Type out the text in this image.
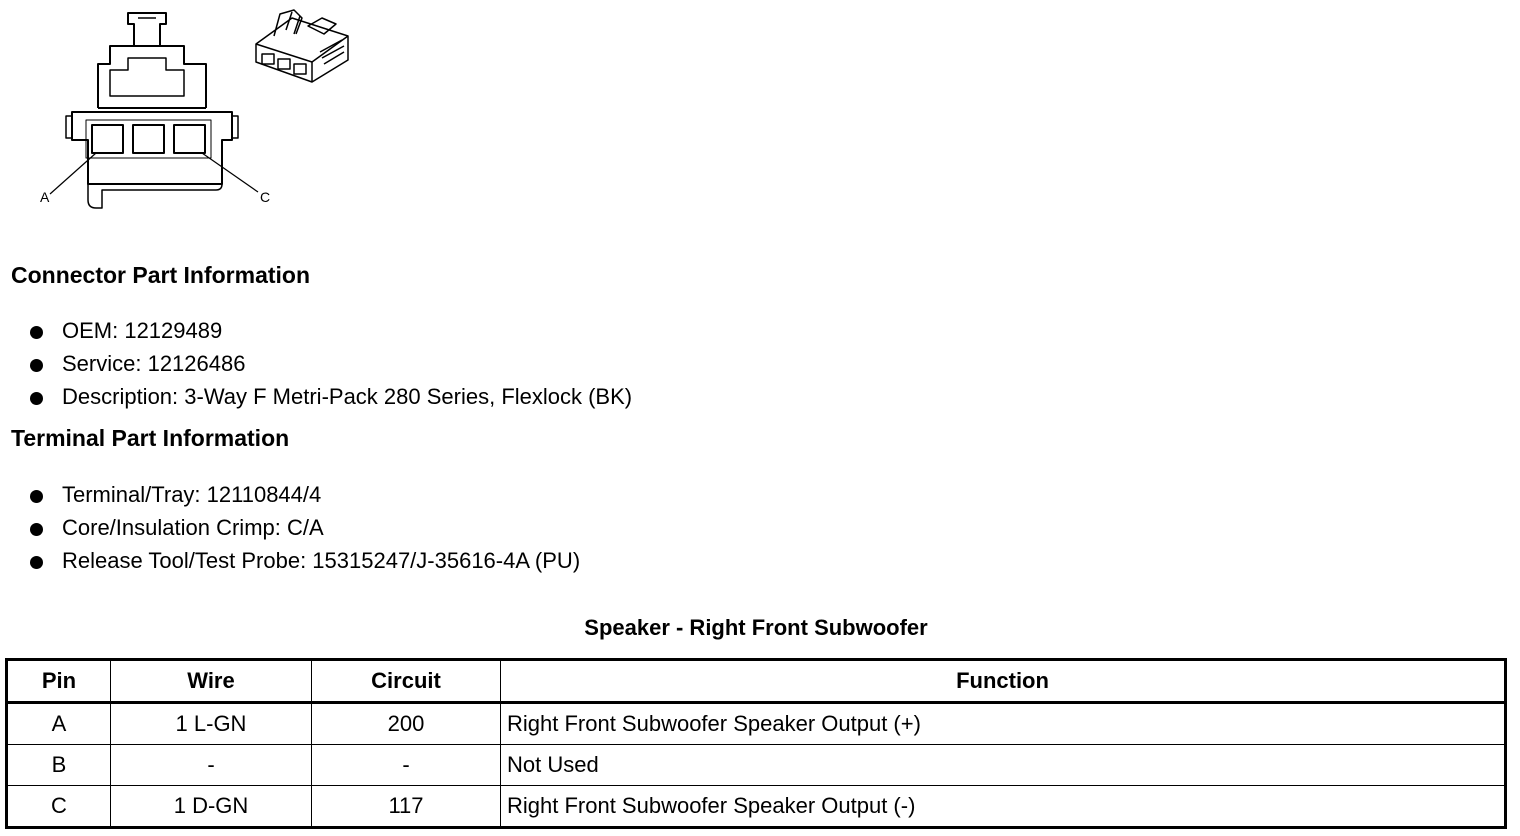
A	C
Connector Part Information
OEM: 12129489
Service: 12126486
Description: 3-Way F Metri-Pack 280 Series, Flexlock (BK)
Terminal Part Information
Terminal/Tray: 12110844/4
Core/Insulation Crimp: C/A
Release Tool/Test Probe: 15315247/J-35616-4A (PU)
Speaker - Right Front Subwoofer
Pin	Wire	Circuit	Function
A	1 L-GN	200	Right Front Subwoofer Speaker Output (+)
B	-	-	Not Used
C	1 D-GN	117	Right Front Subwoofer Speaker Output (-)
